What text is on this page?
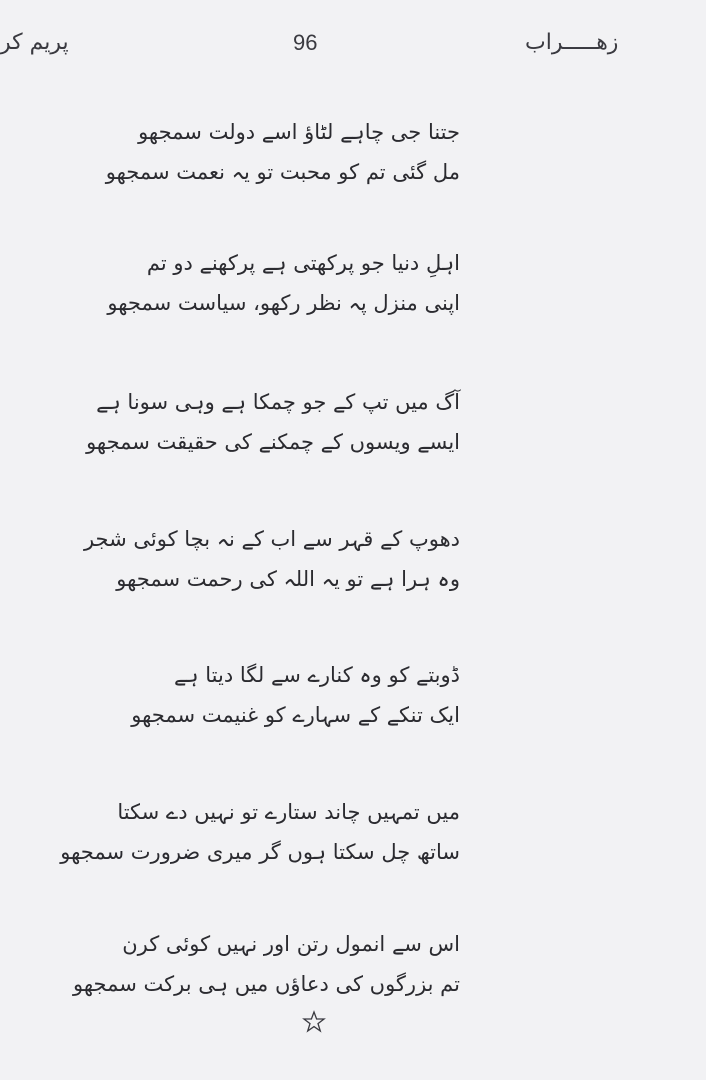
پریم کر	96	زھـــــراب
جتنا جی چاہے لٹاؤ اسے دولت سمجھو
مل گئی تم کو محبت تو یہ نعمت سمجھو
اہلِ دنیا جو پرکھتی ہے پرکھنے دو تم
اپنی منزل پہ نظر رکھو، سیاست سمجھو
آگ میں تپ کے جو چمکا ہے وہی سونا ہے
ایسے ویسوں کے چمکنے کی حقیقت سمجھو
دھوپ کے قہر سے اب کے نہ بچا کوئی شجر
وہ ہرا ہے تو یہ اللہ کی رحمت سمجھو
ڈوبتے کو وہ کنارے سے لگا دیتا ہے
ایک تنکے کے سہارے کو غنیمت سمجھو
میں تمہیں چاند ستارے تو نہیں دے سکتا
ساتھ چل سکتا ہوں گر میری ضرورت سمجھو
اس سے انمول رتن اور نہیں کوئی کرن
تم بزرگوں کی دعاؤں میں ہی برکت سمجھو
